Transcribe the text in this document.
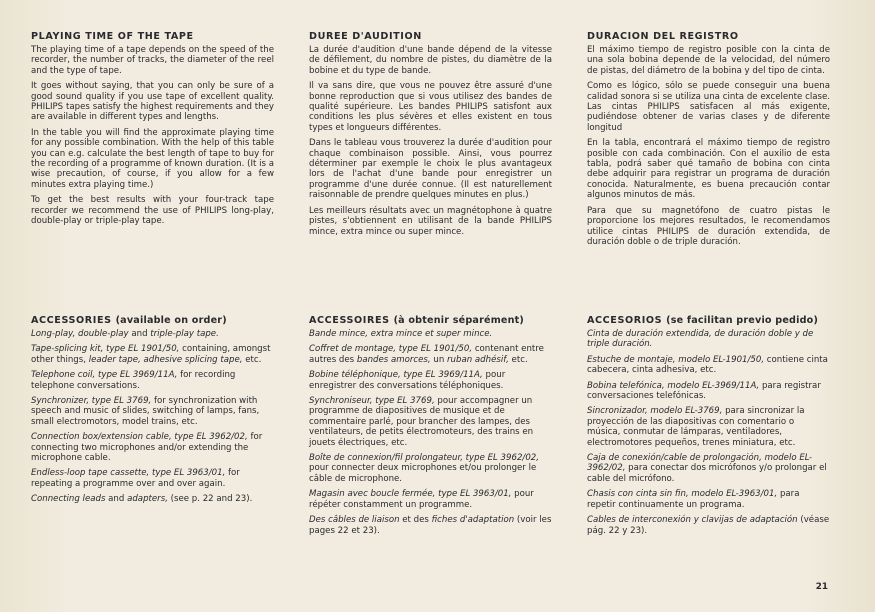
PLAYING TIME OF THE TAPE

The playing time of a tape depends on the speed of the recorder, the number of tracks, the diameter of the reel and the type of tape.

It goes without saying, that you can only be sure of a good sound quality if you use tape of excellent quality. PHILIPS tapes satisfy the highest requirements and they are available in different types and lengths.

In the table you will find the approximate playing time for any possible combination. With the help of this table you can e.g. calculate the best length of tape to buy for the recording of a programme of known duration. (It is a wise precaution, of course, if you allow for a few minutes extra playing time.)

To get the best results with your four-track tape recorder we recommend the use of PHILIPS long-play, double-play or triple-play tape.

DUREE D'AUDITION

La durée d'audition d'une bande dépend de la vitesse de défilement, du nombre de pistes, du diamètre de la bobine et du type de bande.

Il va sans dire, que vous ne pouvez être assuré d'une bonne reproduction que si vous utilisez des bandes de qualité supérieure. Les bandes PHILIPS satisfont aux conditions les plus sévères et elles existent en tous types et longueurs différentes.

Dans le tableau vous trouverez la durée d'audition pour chaque combinaison possible. Ainsi, vous pourrez déterminer par exemple le choix le plus avantageux lors de l'achat d'une bande pour enregistrer un programme d'une durée connue. (Il est naturellement raisonnable de prendre quelques minutes en plus.)

Les meilleurs résultats avec un magnétophone à quatre pistes, s'obtiennent en utilisant de la bande PHILIPS mince, extra mince ou super mince.

DURACION DEL REGISTRO

El máximo tiempo de registro posible con la cinta de una sola bobina depende de la velocidad, del número de pistas, del diámetro de la bobina y del tipo de cinta.

Como es lógico, sólo se puede conseguir una buena calidad sonora si se utiliza una cinta de excelente clase. Las cintas PHILIPS satisfacen al más exigente, pudiéndose obtener de varias clases y de diferente longitud

En la tabla, encontrará el máximo tiempo de registro posible con cada combinación. Con el auxilio de esta tabla, podrá saber qué tamaño de bobina con cinta debe adquirir para registrar un programa de duración conocida. Naturalmente, es buena precaución contar algunos minutos de más.

Para que su magnetófono de cuatro pistas le proporcione los mejores resultados, le recomendamos utilice cintas PHILIPS de duración extendida, de duración doble o de triple duración.

ACCESSORIES (available on order)

Long-play, double-play and triple-play tape.

Tape-splicing kit, type EL 1901/50, containing, amongst other things, leader tape, adhesive splicing tape, etc.

Telephone coil, type EL 3969/11A, for recording telephone conversations.

Synchronizer, type EL 3769, for synchronization with speech and music of slides, switching of lamps, fans, small electromotors, model trains, etc.

Connection box/extension cable, type EL 3962/02, for connecting two microphones and/or extending the microphone cable.

Endless-loop tape cassette, type EL 3963/01, for repeating a programme over and over again.

Connecting leads and adapters, (see p. 22 and 23).

ACCESSOIRES (à obtenir séparément)

Bande mince, extra mince et super mince.

Coffret de montage, type EL 1901/50, contenant entre autres des bandes amorces, un ruban adhésif, etc.

Bobine téléphonique, type EL 3969/11A, pour enregistrer des conversations téléphoniques.

Synchroniseur, type EL 3769, pour accompagner un programme de diapositives de musique et de commentaire parlé, pour brancher des lampes, des ventilateurs, de petits électromoteurs, des trains en jouets électriques, etc.

Boîte de connexion/fil prolongateur, type EL 3962/02, pour connecter deux microphones et/ou prolonger le câble de microphone.

Magasin avec boucle fermée, type EL 3963/01, pour répéter constamment un programme.

Des câbles de liaison et des fiches d'adaptation (voir les pages 22 et 23).

ACCESORIOS (se facilitan previo pedido)

Cinta de duración extendida, de duración doble y de triple duración.

Estuche de montaje, modelo EL-1901/50, contiene cinta cabecera, cinta adhesiva, etc.

Bobina telefónica, modelo EL-3969/11A, para registrar conversaciones telefónicas.

Sincronizador, modelo EL-3769, para sincronizar la proyección de las diapositivas con comentario o música, conmutar de lámparas, ventiladores, electromotores pequeños, trenes miniatura, etc.

Caja de conexión/cable de prolongación, modelo EL-3962/02, para conectar dos micrófonos y/o prolongar el cable del micrófono.

Chasis con cinta sin fin, modelo EL-3963/01, para repetir continuamente un programa.

Cables de interconexión y clavijas de adaptación (véase pág. 22 y 23).

21
